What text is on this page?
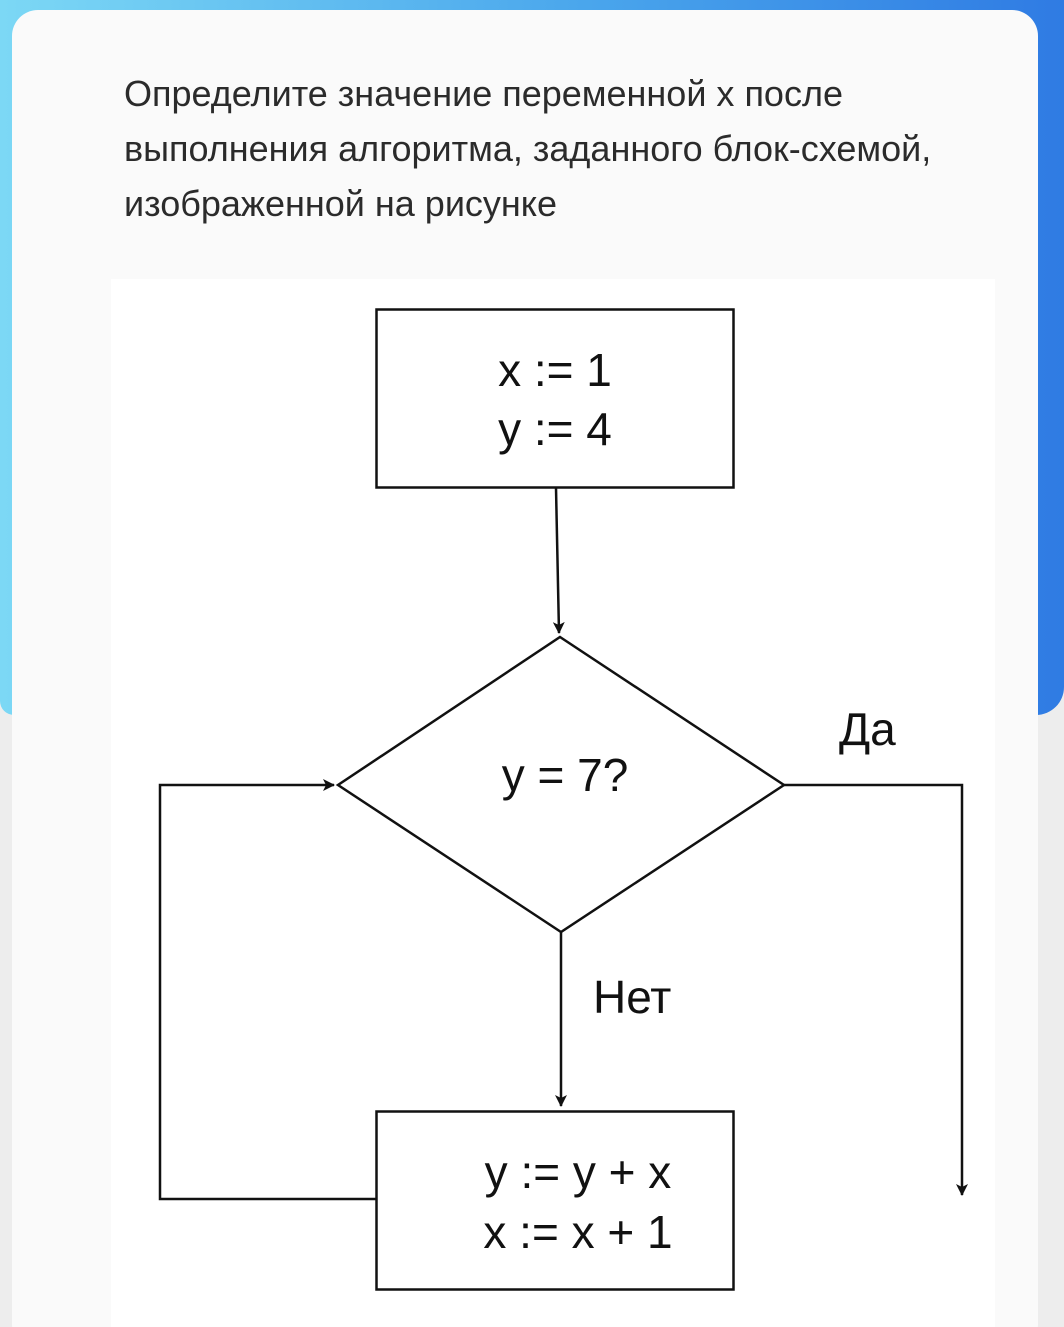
Определите значение переменной x после
выполнения алгоритма, заданного блок-схемой,
изображенной на рисунке

x := 1
y := 4
y = 7?
Да
Нет
y := y + x
x := x + 1
